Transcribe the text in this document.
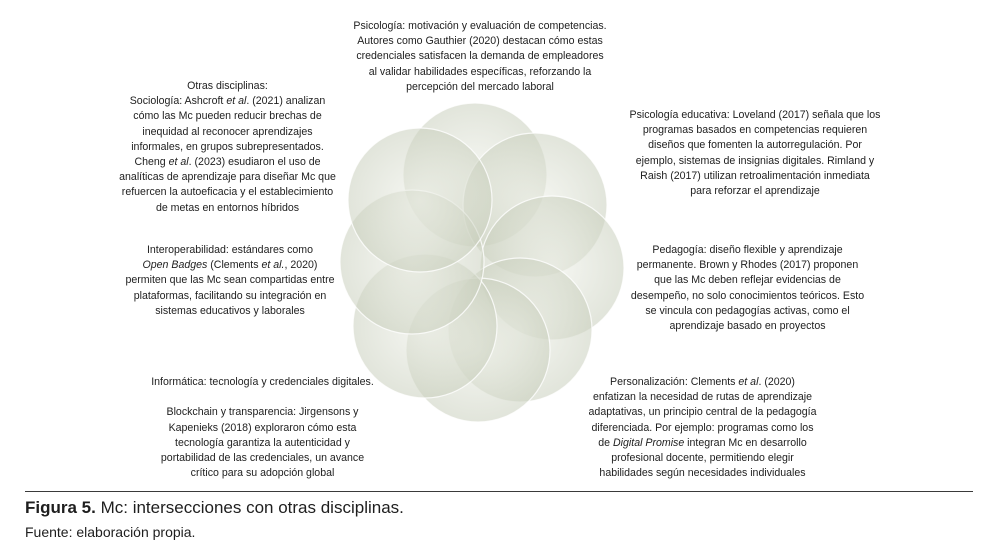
Psicología: motivación y evaluación de competencias.
Autores como Gauthier (2020) destacan cómo estas
credenciales satisfacen la demanda de empleadores
al validar habilidades específicas, reforzando la
percepción del mercado laboral
Otras disciplinas:
Sociología: Ashcroft et al. (2021) analizan
cómo las Mc pueden reducir brechas de
inequidad al reconocer aprendizajes
informales, en grupos subrepresentados.
Cheng et al. (2023) esudiaron el uso de
analíticas de aprendizaje para diseñar Mc que
refuercen la autoeficacia y el establecimiento
de metas en entornos híbridos
Psicología educativa: Loveland (2017) señala que los
programas basados en competencias requieren
diseños que fomenten la autorregulación. Por
ejemplo, sistemas de insignias digitales. Rimland y
Raish (2017) utilizan retroalimentación inmediata
para reforzar el aprendizaje
Interoperabilidad: estándares como
Open Badges (Clements et al., 2020)
permiten que las Mc sean compartidas entre
plataformas, facilitando su integración en
sistemas educativos y laborales
Pedagogía: diseño flexible y aprendizaje
permanente. Brown y Rhodes (2017) proponen
que las Mc deben reflejar evidencias de
desempeño, no solo conocimientos teóricos. Esto
se vincula con pedagogías activas, como el
aprendizaje basado en proyectos
Informática: tecnología y credenciales digitales.

Blockchain y transparencia: Jirgensons y
Kapenieks (2018) exploraron cómo esta
tecnología garantiza la autenticidad y
portabilidad de las credenciales, un avance
crítico para su adopción global
Personalización: Clements et al. (2020)
enfatizan la necesidad de rutas de aprendizaje
adaptativas, un principio central de la pedagogía
diferenciada. Por ejemplo: programas como los
de Digital Promise integran Mc en desarrollo
profesional docente, permitiendo elegir
habilidades según necesidades individuales
Figura 5. Mc: intersecciones con otras disciplinas.
Fuente: elaboración propia.
